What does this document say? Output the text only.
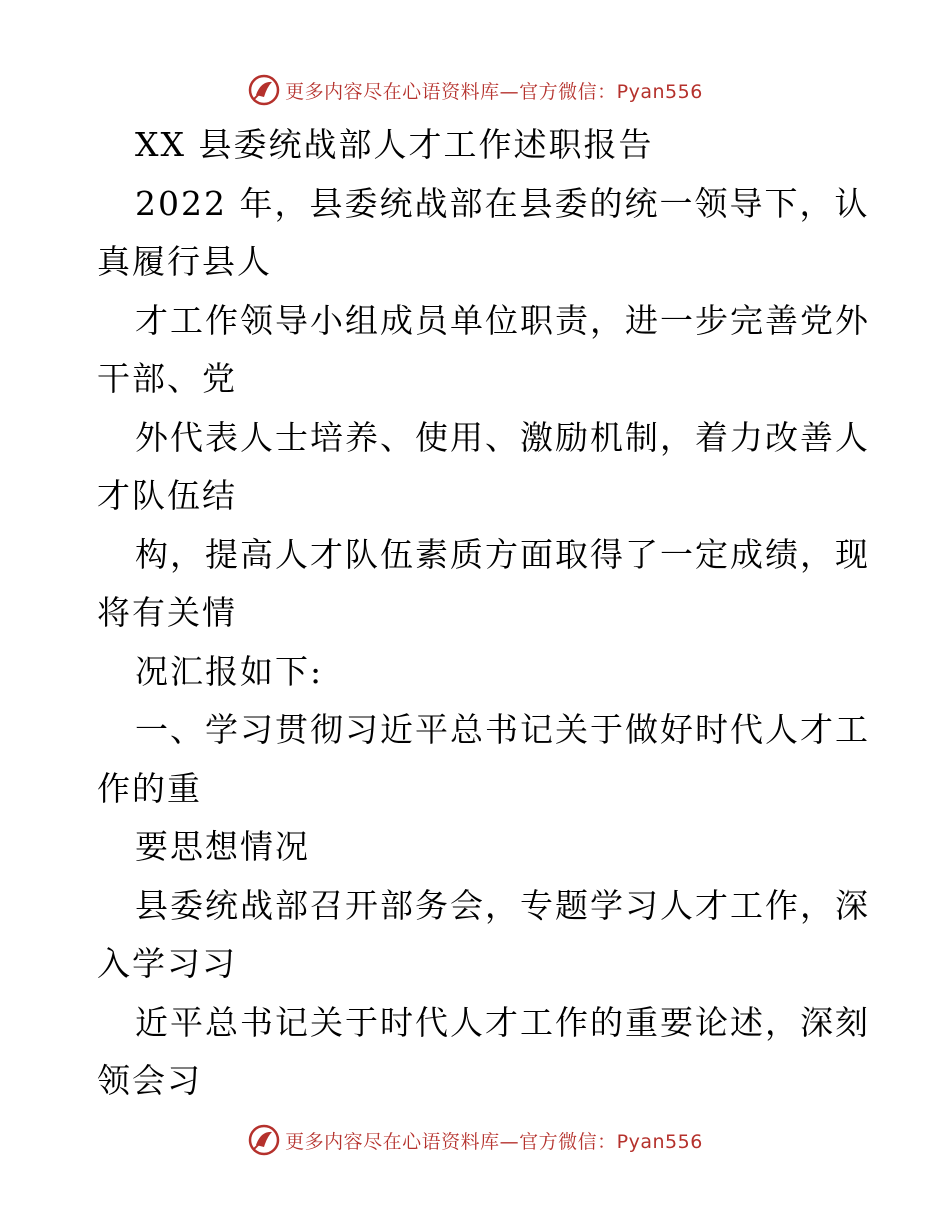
更多内容尽在心语资料库—官方微信：Pyan556
XX 县委统战部人才工作述职报告
2022 年，县委统战部在县委的统一领导下，认
真履行县人
才工作领导小组成员单位职责，进一步完善党外
干部、党
外代表人士培养、使用、激励机制，着力改善人
才队伍结
构，提高人才队伍素质方面取得了一定成绩，现
将有关情
况汇报如下:
一、学习贯彻习近平总书记关于做好时代人才工
作的重
要思想情况
县委统战部召开部务会，专题学习人才工作，深
入学习习
近平总书记关于时代人才工作的重要论述，深刻
领会习
更多内容尽在心语资料库—官方微信：Pyan556
